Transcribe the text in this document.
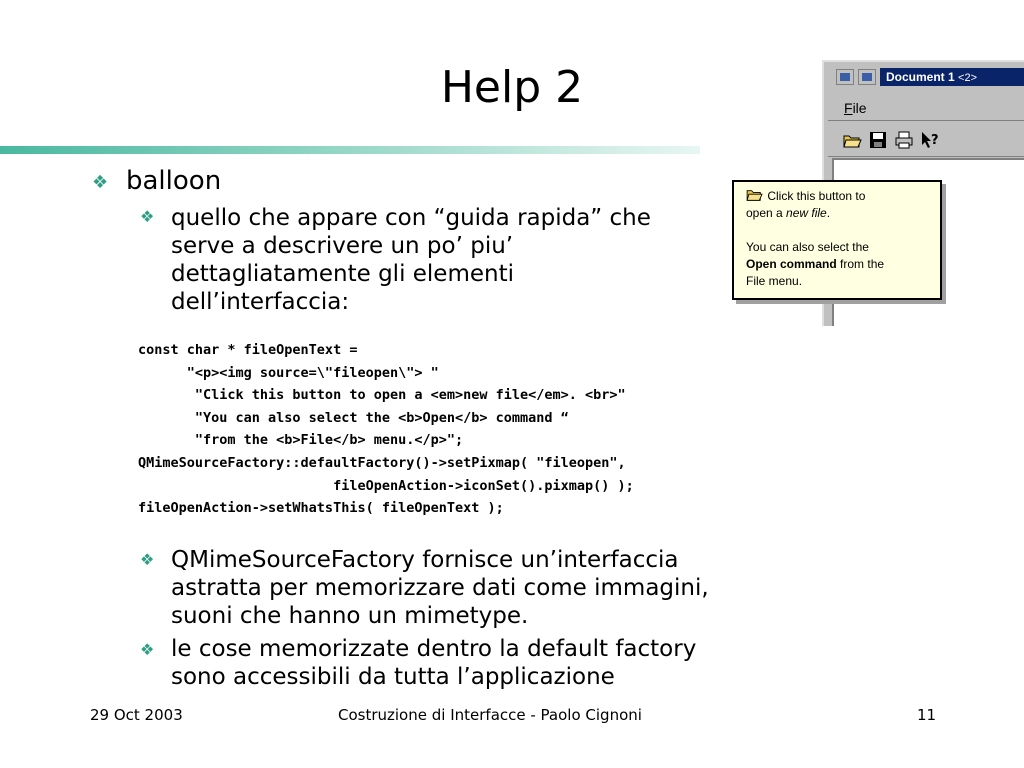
Help 2
❖ balloon
❖ quello che appare con “guida rapida” che
serve a descrivere un po’ piu’
dettagliatamente gli elementi
dell’interfaccia:
const char * fileOpenText =
"<p><img source=\"fileopen\"> "
"Click this button to open a <em>new file</em>. <br>"
"You can also select the <b>Open</b> command “
"from the <b>File</b> menu.</p>";
QMimeSourceFactory::defaultFactory()->setPixmap( "fileopen",
fileOpenAction->iconSet().pixmap() );
fileOpenAction->setWhatsThis( fileOpenText );
❖ QMimeSourceFactory fornisce un’interfaccia
astratta per memorizzare dati come immagini,
suoni che hanno un mimetype.
❖ le cose memorizzate dentro la default factory
sono accessibili da tutta l’applicazione
29 Oct 2003	Costruzione di Interfacce - Paolo Cignoni	11
Document 1 <2>
File
?

Click this button to

open a new file.

You can also select the

Open command from the

File menu.
